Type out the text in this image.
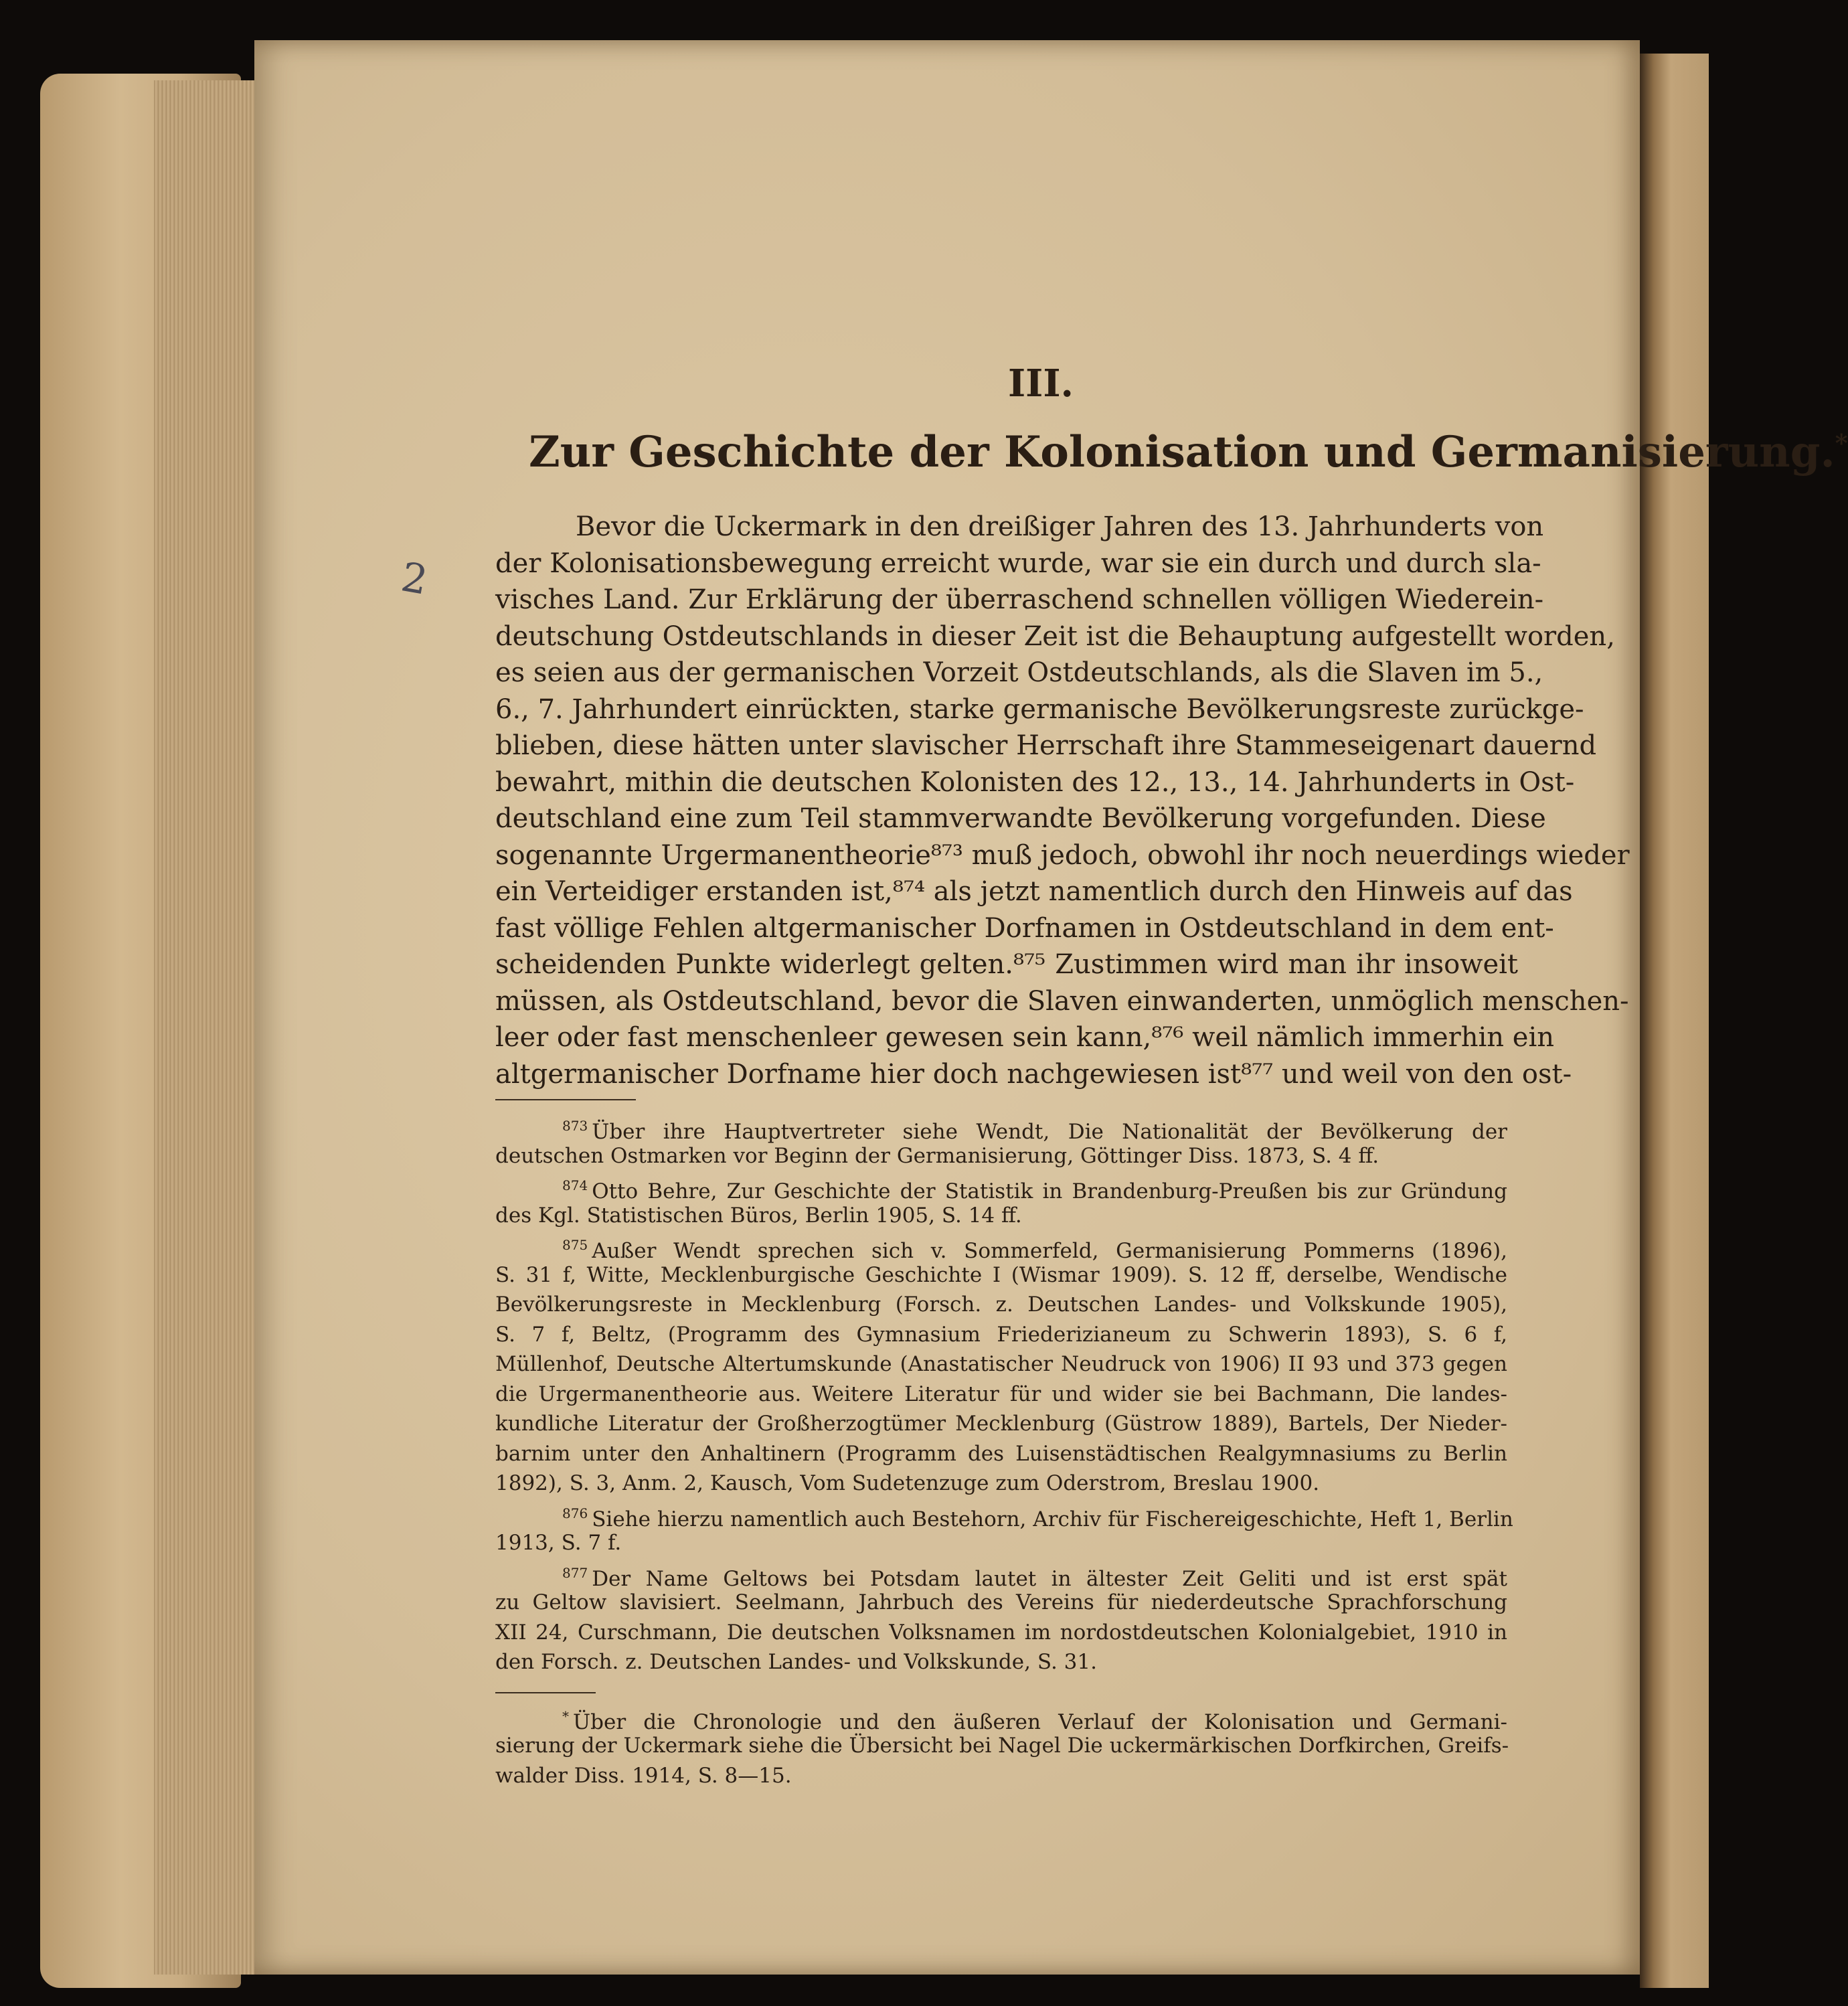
2
III.
Zur Geschichte der Kolonisation und Germanisierung.*
Bevor die Uckermark in den dreißiger Jahren des 13. Jahrhunderts von
der Kolonisationsbewegung erreicht wurde, war sie ein durch und durch sla-
visches Land. Zur Erklärung der überraschend schnellen völligen Wiederein-
deutschung Ostdeutschlands in dieser Zeit ist die Behauptung aufgestellt worden,
es seien aus der germanischen Vorzeit Ostdeutschlands, als die Slaven im 5.,
6., 7. Jahrhundert einrückten, starke germanische Bevölkerungsreste zurückge-
blieben, diese hätten unter slavischer Herrschaft ihre Stammeseigenart dauernd
bewahrt, mithin die deutschen Kolonisten des 12., 13., 14. Jahrhunderts in Ost-
deutschland eine zum Teil stammverwandte Bevölkerung vorgefunden. Diese
sogenannte Urgermanentheorie⁸⁷³ muß jedoch, obwohl ihr noch neuerdings wieder
ein Verteidiger erstanden ist,⁸⁷⁴ als jetzt namentlich durch den Hinweis auf das
fast völlige Fehlen altgermanischer Dorfnamen in Ostdeutschland in dem ent-
scheidenden Punkte widerlegt gelten.⁸⁷⁵ Zustimmen wird man ihr insoweit
müssen, als Ostdeutschland, bevor die Slaven einwanderten, unmöglich menschen-
leer oder fast menschenleer gewesen sein kann,⁸⁷⁶ weil nämlich immerhin ein
altgermanischer Dorfname hier doch nachgewiesen ist⁸⁷⁷ und weil von den ost-
$^{873}$ Über ihre Hauptvertreter siehe Wendt, Die Nationalität der Bevölkerung der
deutschen Ostmarken vor Beginn der Germanisierung, Göttinger Diss. 1873, S. 4 ff.
$^{874}$ Otto Behre, Zur Geschichte der Statistik in Brandenburg-Preußen bis zur Gründung
des Kgl. Statistischen Büros, Berlin 1905, S. 14 ff.
$^{875}$ Außer Wendt sprechen sich v. Sommerfeld, Germanisierung Pommerns (1896),
S. 31 f, Witte, Mecklenburgische Geschichte I (Wismar 1909). S. 12 ff, derselbe, Wendische
Bevölkerungsreste in Mecklenburg (Forsch. z. Deutschen Landes- und Volkskunde 1905),
S. 7 f, Beltz, (Programm des Gymnasium Friederizianeum zu Schwerin 1893), S. 6 f,
Müllenhof, Deutsche Altertumskunde (Anastatischer Neudruck von 1906) II 93 und 373 gegen
die Urgermanentheorie aus. Weitere Literatur für und wider sie bei Bachmann, Die landes-
kundliche Literatur der Großherzogtümer Mecklenburg (Güstrow 1889), Bartels, Der Nieder-
barnim unter den Anhaltinern (Programm des Luisenstädtischen Realgymnasiums zu Berlin
1892), S. 3, Anm. 2, Kausch, Vom Sudetenzuge zum Oderstrom, Breslau 1900.
$^{876}$ Siehe hierzu namentlich auch Bestehorn, Archiv für Fischereigeschichte, Heft 1, Berlin
1913, S. 7 f.
$^{877}$ Der Name Geltows bei Potsdam lautet in ältester Zeit Geliti und ist erst spät
zu Geltow slavisiert. Seelmann, Jahrbuch des Vereins für niederdeutsche Sprachforschung
XII 24, Curschmann, Die deutschen Volksnamen im nordostdeutschen Kolonialgebiet, 1910 in
den Forsch. z. Deutschen Landes- und Volkskunde, S. 31.
* Über die Chronologie und den äußeren Verlauf der Kolonisation und Germani-
sierung der Uckermark siehe die Übersicht bei Nagel Die uckermärkischen Dorfkirchen, Greifs-
walder Diss. 1914, S. 8—15.
